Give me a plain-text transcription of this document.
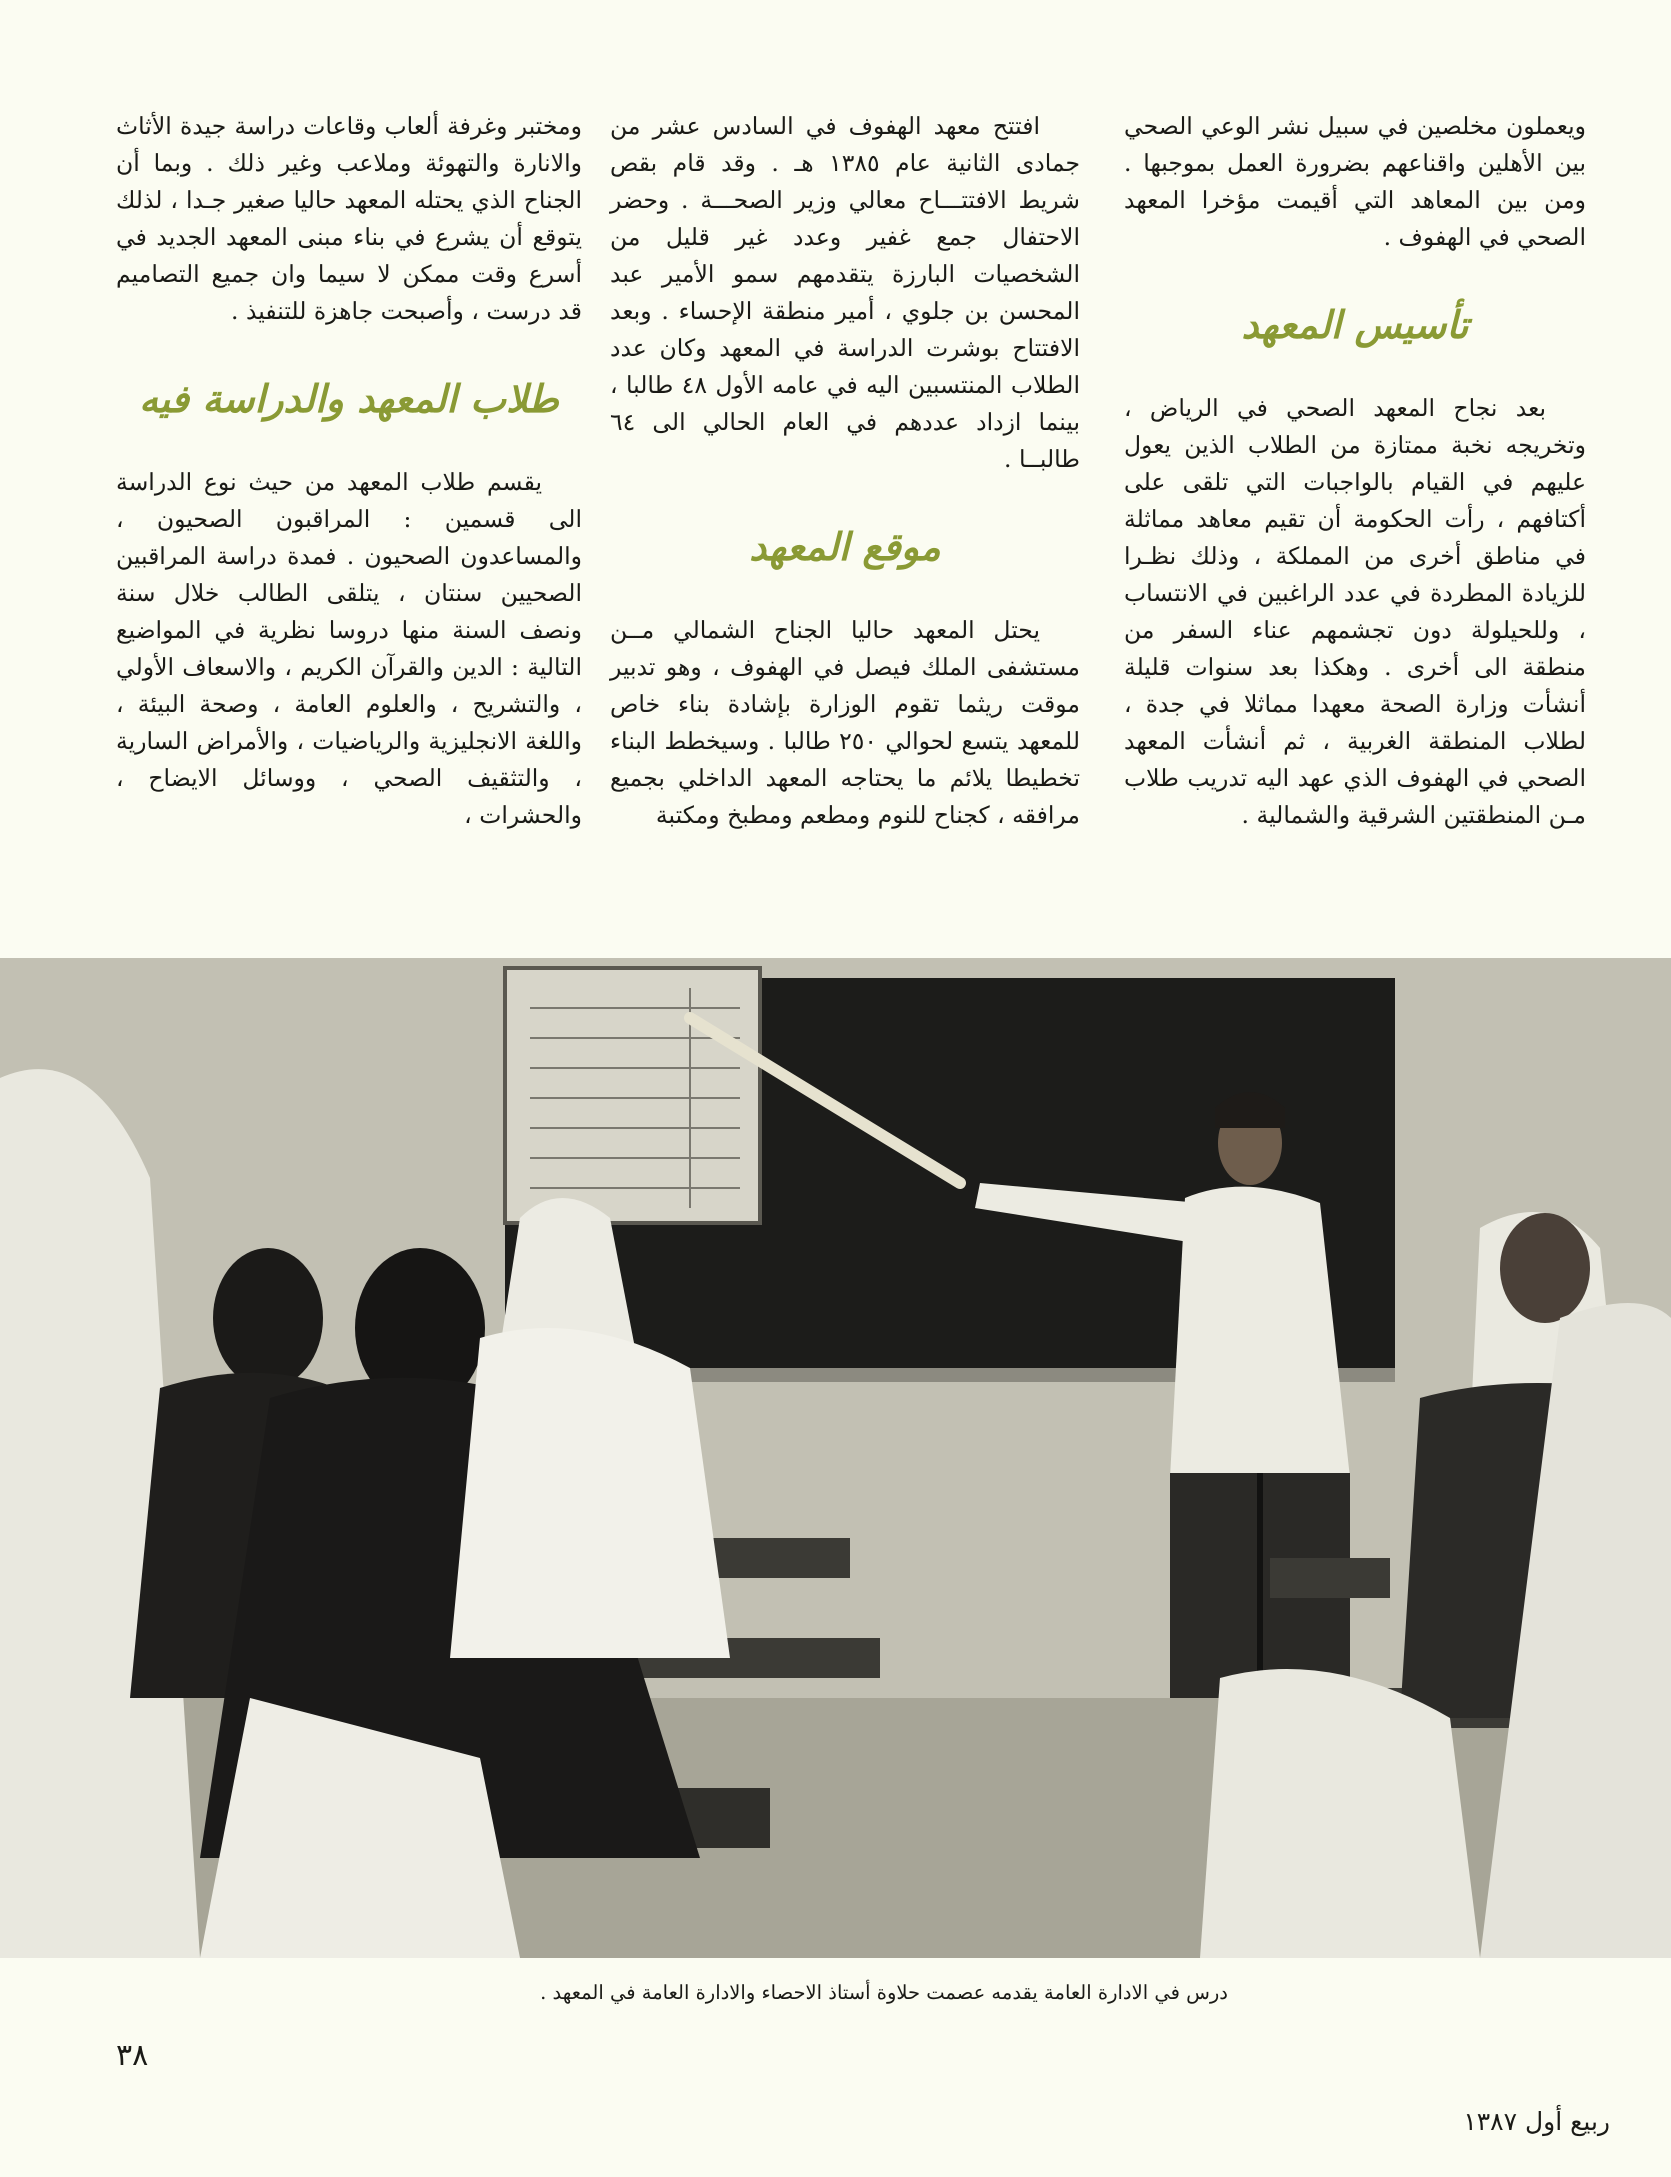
ويعملون مخلصين في سبيل نشر الوعي الصحي بين الأهلين واقناعهم بضرورة العمل بموجبها . ومن بين المعاهد التي أقيمت مؤخرا المعهد الصحي في الهفوف .

تأسيس المعهد

بعد نجاح المعهد الصحي في الرياض ، وتخريجه نخبة ممتازة من الطلاب الذين يعول عليهم في القيام بالواجبات التي تلقى على أكتافهم ، رأت الحكومة أن تقيم معاهد مماثلة في مناطق أخرى من المملكة ، وذلك نظـرا للزيادة المطردة في عدد الراغبين في الانتساب ، وللحيلولة دون تجشمهم عناء السفر من منطقة الى أخرى . وهكذا بعد سنوات قليلة أنشأت وزارة الصحة معهدا مماثلا في جدة ، لطلاب المنطقة الغربية ، ثم أنشأت المعهد الصحي في الهفوف الذي عهد اليه تدريب طلاب مـن المنطقتين الشرقية والشمالية .

افتتح معهد الهفوف في السادس عشر من جمادى الثانية عام ١٣٨٥ هـ . وقد قام بقص شريط الافتتـــاح معالي وزير الصحـــة . وحضر الاحتفال جمع غفير وعدد غير قليل من الشخصيات البارزة يتقدمهم سمو الأمير عبد المحسن بن جلوي ، أمير منطقة الإحساء . وبعد الافتتاح بوشرت الدراسة في المعهد وكان عدد الطلاب المنتسبين اليه في عامه الأول ٤٨ طالبا ، بينما ازداد عددهم في العام الحالي الى ٦٤ طالبــا .

موقع المعهد

يحتل المعهد حاليا الجناح الشمالي مــن مستشفى الملك فيصل في الهفوف ، وهو تدبير موقت ريثما تقوم الوزارة بإشادة بناء خاص للمعهد يتسع لحوالي ٢٥٠ طالبا . وسيخطط البناء تخطيطا يلائم ما يحتاجه المعهد الداخلي بجميع مرافقه ، كجناح للنوم ومطعم ومطبخ ومكتبة

ومختبر وغرفة ألعاب وقاعات دراسة جيدة الأثاث والانارة والتهوئة وملاعب وغير ذلك . وبما أن الجناح الذي يحتله المعهد حاليا صغير جـدا ، لذلك يتوقع أن يشرع في بناء مبنى المعهد الجديد في أسرع وقت ممكن لا سيما وان جميع التصاميم قد درست ، وأصبحت جاهزة للتنفيذ .

طلاب المعهد والدراسة فيه

يقسم طلاب المعهد من حيث نوع الدراسة الى قسمين : المراقبون الصحيون ، والمساعدون الصحيون . فمدة دراسة المراقبين الصحيين سنتان ، يتلقى الطالب خلال سنة ونصف السنة منها دروسا نظرية في المواضيع التالية : الدين والقرآن الكريم ، والاسعاف الأولي ، والتشريح ، والعلوم العامة ، وصحة البيئة ، واللغة الانجليزية والرياضيات ، والأمراض السارية ، والتثقيف الصحي ، ووسائل الايضاح ، والحشرات ،

درس في الادارة العامة يقدمه عصمت حلاوة أستاذ الاحصاء والادارة العامة في المعهد .
٣٨
ربيع أول ١٣٨٧
